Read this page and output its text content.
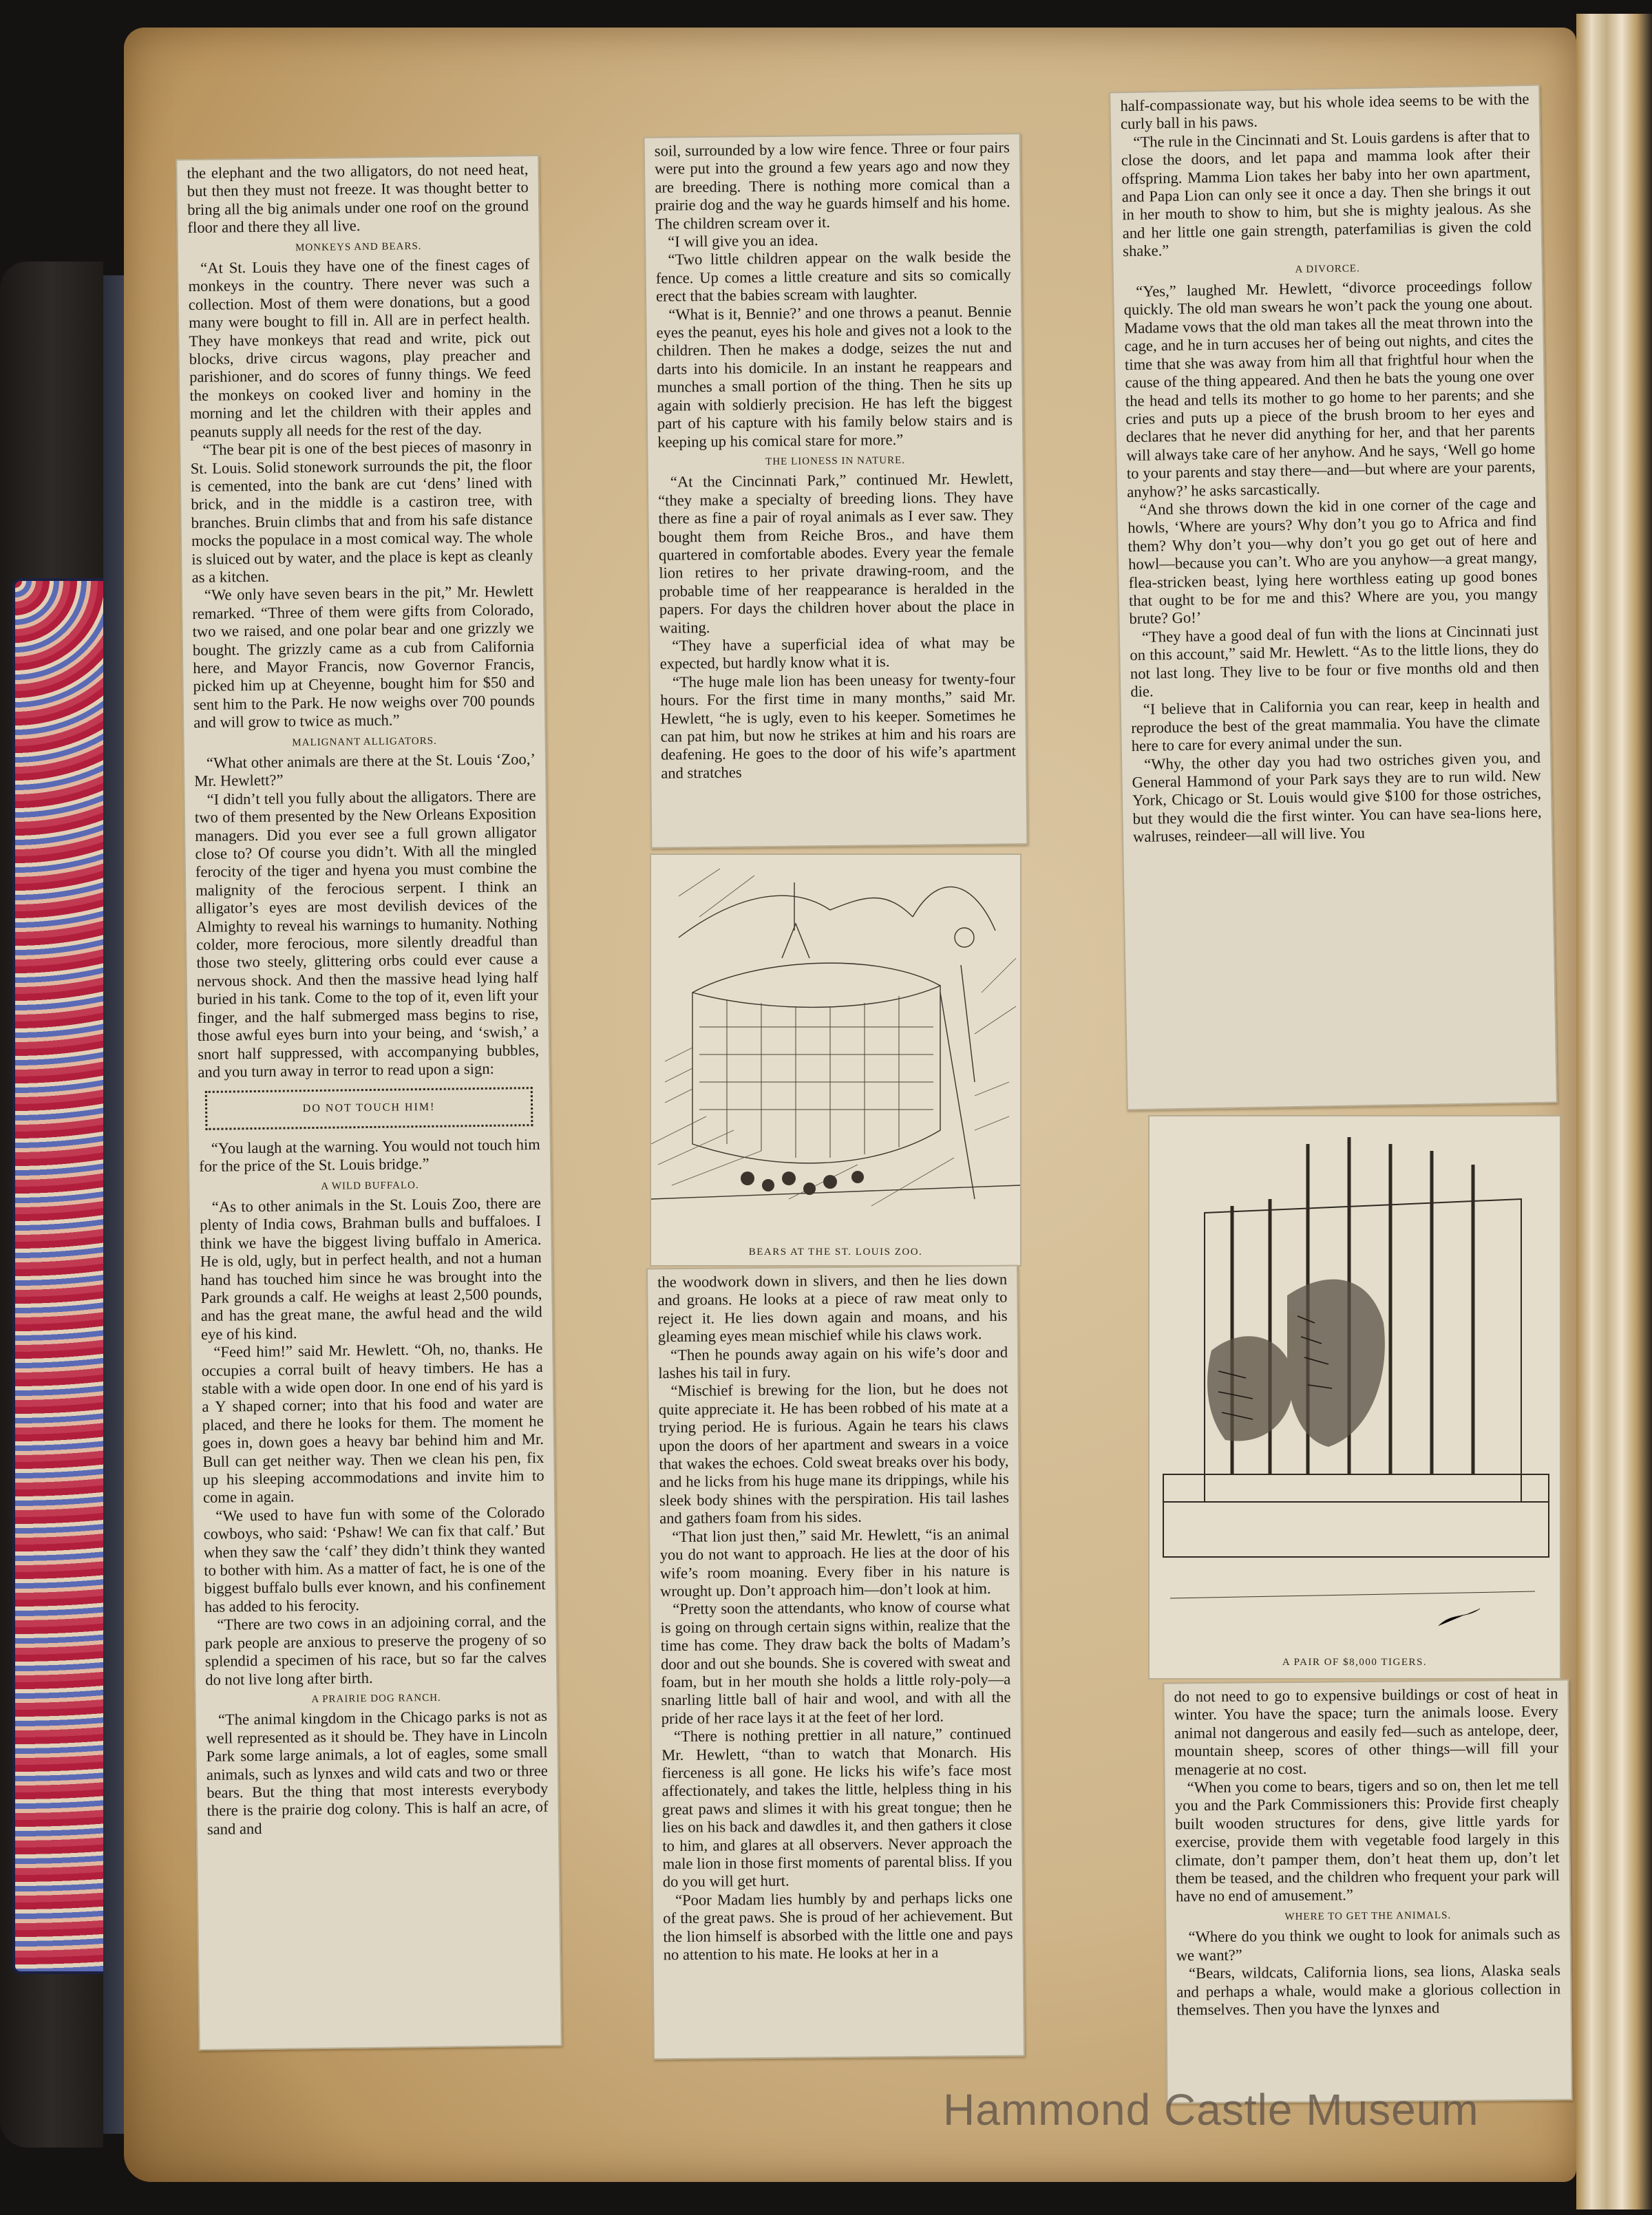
the elephant and the two alligators, do not need heat, but then they must not freeze. It was thought better to bring all the big animals under one roof on the ground floor and there they all live.

MONKEYS AND BEARS.

“At St. Louis they have one of the finest cages of monkeys in the country. There never was such a collection. Most of them were donations, but a good many were bought to fill in. All are in perfect health. They have monkeys that read and write, pick out blocks, drive circus wagons, play preacher and parishioner, and do scores of funny things. We feed the monkeys on cooked liver and hominy in the morning and let the children with their apples and peanuts supply all needs for the rest of the day.

“The bear pit is one of the best pieces of masonry in St. Louis. Solid stonework surrounds the pit, the floor is cemented, into the bank are cut ‘dens’ lined with brick, and in the middle is a castiron tree, with branches. Bruin climbs that and from his safe distance mocks the populace in a most comical way. The whole is sluiced out by water, and the place is kept as cleanly as a kitchen.

“We only have seven bears in the pit,” Mr. Hewlett remarked. “Three of them were gifts from Colorado, two we raised, and one polar bear and one grizzly we bought. The grizzly came as a cub from California here, and Mayor Francis, now Governor Francis, picked him up at Cheyenne, bought him for $50 and sent him to the Park. He now weighs over 700 pounds and will grow to twice as much.”

MALIGNANT ALLIGATORS.

“What other animals are there at the St. Louis ‘Zoo,’ Mr. Hewlett?”

“I didn’t tell you fully about the alligators. There are two of them presented by the New Orleans Exposition managers. Did you ever see a full grown alligator close to? Of course you didn’t. With all the mingled ferocity of the tiger and hyena you must combine the malignity of the ferocious serpent. I think an alligator’s eyes are most devilish devices of the Almighty to reveal his warnings to humanity. Nothing colder, more ferocious, more silently dreadful than those two steely, glittering orbs could ever cause a nervous shock. And then the massive head lying half buried in his tank. Come to the top of it, even lift your finger, and the half submerged mass begins to rise, those awful eyes burn into your being, and ‘swish,’ a snort half suppressed, with accompanying bubbles, and you turn away in terror to read upon a sign:

DO NOT TOUCH HIM!

“You laugh at the warning. You would not touch him for the price of the St. Louis bridge.”

A WILD BUFFALO.

“As to other animals in the St. Louis Zoo, there are plenty of India cows, Brahman bulls and buffaloes. I think we have the biggest living buffalo in America. He is old, ugly, but in perfect health, and not a human hand has touched him since he was brought into the Park grounds a calf. He weighs at least 2,500 pounds, and has the great mane, the awful head and the wild eye of his kind.

“Feed him!” said Mr. Hewlett. “Oh, no, thanks. He occupies a corral built of heavy timbers. He has a stable with a wide open door. In one end of his yard is a Y shaped corner; into that his food and water are placed, and there he looks for them. The moment he goes in, down goes a heavy bar behind him and Mr. Bull can get neither way. Then we clean his pen, fix up his sleeping accommodations and invite him to come in again.

“We used to have fun with some of the Colorado cowboys, who said: ‘Pshaw! We can fix that calf.’ But when they saw the ‘calf’ they didn’t think they wanted to bother with him. As a matter of fact, he is one of the biggest buffalo bulls ever known, and his confinement has added to his ferocity.

“There are two cows in an adjoining corral, and the park people are anxious to preserve the progeny of so splendid a specimen of his race, but so far the calves do not live long after birth.

A PRAIRIE DOG RANCH.

“The animal kingdom in the Chicago parks is not as well represented as it should be. They have in Lincoln Park some large animals, a lot of eagles, some small animals, such as lynxes and wild cats and two or three bears. But the thing that most interests everybody there is the prairie dog colony. This is half an acre, of sand and

soil, surrounded by a low wire fence. Three or four pairs were put into the ground a few years ago and now they are breeding. There is nothing more comical than a prairie dog and the way he guards himself and his home. The children scream over it.

“I will give you an idea.

“Two little children appear on the walk beside the fence. Up comes a little creature and sits so comically erect that the babies scream with laughter.

“What is it, Bennie?’ and one throws a peanut. Bennie eyes the peanut, eyes his hole and gives not a look to the children. Then he makes a dodge, seizes the nut and darts into his domicile. In an instant he reappears and munches a small portion of the thing. Then he sits up again with soldierly precision. He has left the biggest part of his capture with his family below stairs and is keeping up his comical stare for more.”

THE LIONESS IN NATURE.

“At the Cincinnati Park,” continued Mr. Hewlett, “they make a specialty of breeding lions. They have there as fine a pair of royal animals as I ever saw. They bought them from Reiche Bros., and have them quartered in comfortable abodes. Every year the female lion retires to her private drawing-room, and the probable time of her reappearance is heralded in the papers. For days the children hover about the place in waiting.

“They have a superficial idea of what may be expected, but hardly know what it is.

“The huge male lion has been uneasy for twenty-four hours. For the first time in many months,” said Mr. Hewlett, “he is ugly, even to his keeper. Sometimes he can pat him, but now he strikes at him and his roars are deafening. He goes to the door of his wife’s apartment and stratches

BEARS AT THE ST. LOUIS ZOO.

the woodwork down in slivers, and then he lies down and groans. He looks at a piece of raw meat only to reject it. He lies down again and moans, and his gleaming eyes mean mischief while his claws work.

“Then he pounds away again on his wife’s door and lashes his tail in fury.

“Mischief is brewing for the lion, but he does not quite appreciate it. He has been robbed of his mate at a trying period. He is furious. Again he tears his claws upon the doors of her apartment and swears in a voice that wakes the echoes. Cold sweat breaks over his body, and he licks from his huge mane its drippings, while his sleek body shines with the perspiration. His tail lashes and gathers foam from his sides.

“That lion just then,” said Mr. Hewlett, “is an animal you do not want to approach. He lies at the door of his wife’s room moaning. Every fiber in his nature is wrought up. Don’t approach him—don’t look at him.

“Pretty soon the attendants, who know of course what is going on through certain signs within, realize that the time has come. They draw back the bolts of Madam’s door and out she bounds. She is covered with sweat and foam, but in her mouth she holds a little roly-poly—a snarling little ball of hair and wool, and with all the pride of her race lays it at the feet of her lord.

“There is nothing prettier in all nature,” continued Mr. Hewlett, “than to watch that Monarch. His fierceness is all gone. He licks his wife’s face most affectionately, and takes the little, helpless thing in his great paws and slimes it with his great tongue; then he lies on his back and dawdles it, and then gathers it close to him, and glares at all observers. Never approach the male lion in those first moments of parental bliss. If you do you will get hurt.

“Poor Madam lies humbly by and perhaps licks one of the great paws. She is proud of her achievement. But the lion himself is absorbed with the little one and pays no attention to his mate. He looks at her in a

half-compassionate way, but his whole idea seems to be with the curly ball in his paws.

“The rule in the Cincinnati and St. Louis gardens is after that to close the doors, and let papa and mamma look after their offspring. Mamma Lion takes her baby into her own apartment, and Papa Lion can only see it once a day. Then she brings it out in her mouth to show to him, but she is mighty jealous. As she and her little one gain strength, paterfamilias is given the cold shake.”

A DIVORCE.

“Yes,” laughed Mr. Hewlett, “divorce proceedings follow quickly. The old man swears he won’t pack the young one about. Madame vows that the old man takes all the meat thrown into the cage, and he in turn accuses her of being out nights, and cites the time that she was away from him all that frightful hour when the cause of the thing appeared. And then he bats the young one over the head and tells its mother to go home to her parents; and she cries and puts up a piece of the brush broom to her eyes and declares that he never did anything for her, and that her parents will always take care of her anyhow. And he says, ‘Well go home to your parents and stay there—and—but where are your parents, anyhow?’ he asks sarcastically.

“And she throws down the kid in one corner of the cage and howls, ‘Where are yours? Why don’t you go to Africa and find them? Why don’t you—why don’t you go get out of here and howl—because you can’t. Who are you anyhow—a great mangy, flea-stricken beast, lying here worthless eating up good bones that ought to be for me and this? Where are you, you mangy brute? Go!’

“They have a good deal of fun with the lions at Cincinnati just on this account,” said Mr. Hewlett. “As to the little lions, they do not last long. They live to be four or five months old and then die.

“I believe that in California you can rear, keep in health and reproduce the best of the great mammalia. You have the climate here to care for every animal under the sun.

“Why, the other day you had two ostriches given you, and General Hammond of your Park says they are to run wild. New York, Chicago or St. Louis would give $100 for those ostriches, but they would die the first winter. You can have sea-lions here, walruses, reindeer—all will live. You

A PAIR OF $8,000 TIGERS.

do not need to go to expensive buildings or cost of heat in winter. You have the space; turn the animals loose. Every animal not dangerous and easily fed—such as antelope, deer, mountain sheep, scores of other things—will fill your menagerie at no cost.

“When you come to bears, tigers and so on, then let me tell you and the Park Commissioners this: Provide first cheaply built wooden structures for dens, give little yards for exercise, provide them with vegetable food largely in this climate, don’t pamper them, don’t heat them up, don’t let them be teased, and the children who frequent your park will have no end of amusement.”

WHERE TO GET THE ANIMALS.

“Where do you think we ought to look for animals such as we want?”

“Bears, wildcats, California lions, sea lions, Alaska seals and perhaps a whale, would make a glorious collection in themselves. Then you have the lynxes and

Hammond Castle Museum
